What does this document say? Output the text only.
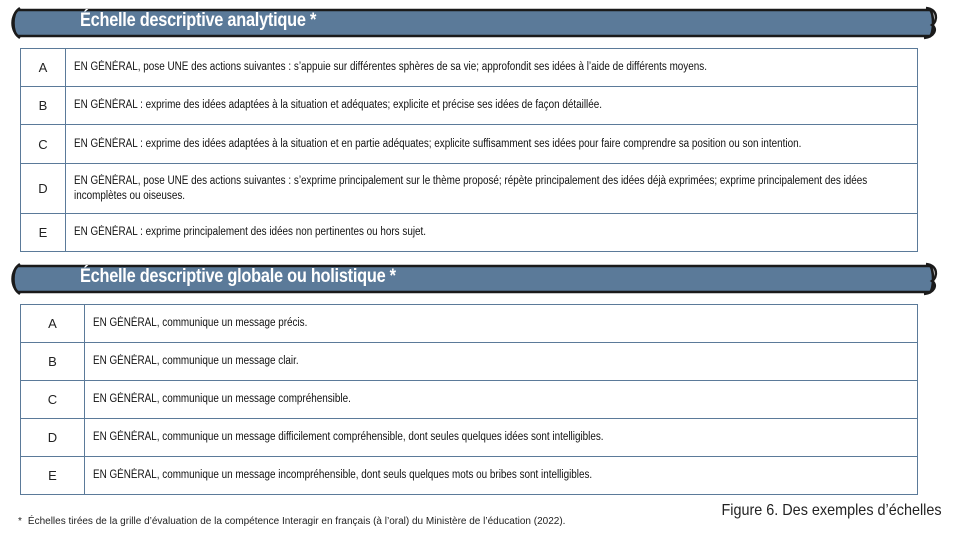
Échelle descriptive analytique *
A	EN GÉNÉRAL, pose UNE des actions suivantes : s’appuie sur différentes sphères de sa vie; approfondit ses idées à l’aide de différents moyens.
B	EN GÉNÉRAL : exprime des idées adaptées à la situation et adéquates; explicite et précise ses idées de façon détaillée.
C	EN GÉNÉRAL : exprime des idées adaptées à la situation et en partie adéquates; explicite suffisamment ses idées pour faire comprendre sa position ou son intention.
D	EN GÉNÉRAL, pose UNE des actions suivantes : s’exprime principalement sur le thème proposé; répète principalement des idées déjà exprimées; exprime principalement des idées incomplètes ou oiseuses.
E	EN GÉNÉRAL : exprime principalement des idées non pertinentes ou hors sujet.
Échelle descriptive globale ou holistique *
A	EN GÉNÉRAL, communique un message précis.
B	EN GÉNÉRAL, communique un message clair.
C	EN GÉNÉRAL, communique un message compréhensible.
D	EN GÉNÉRAL, communique un message difficilement compréhensible, dont seules quelques idées sont intelligibles.
E	EN GÉNÉRAL, communique un message incompréhensible, dont seuls quelques mots ou bribes sont intelligibles.

* Échelles tirées de la grille d’évaluation de la compétence Interagir en français (à l’oral) du Ministère de l’éducation (2022).

Figure 6. Des exemples d’échelles
